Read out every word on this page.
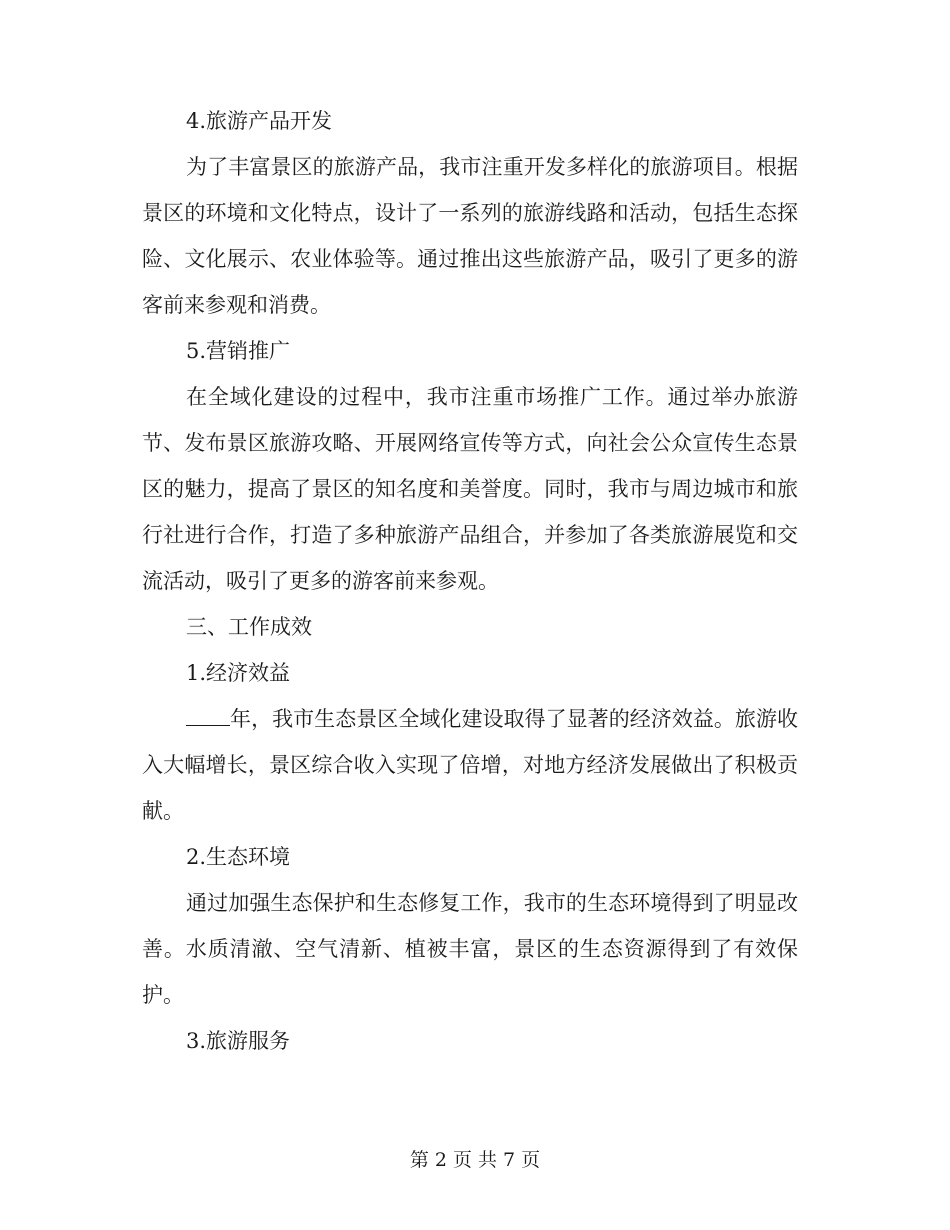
4.旅游产品开发

为了丰富景区的旅游产品，我市注重开发多样化的旅游项目。根据景区的环境和文化特点，设计了一系列的旅游线路和活动，包括生态探险、文化展示、农业体验等。通过推出这些旅游产品，吸引了更多的游客前来参观和消费。

5.营销推广

在全域化建设的过程中，我市注重市场推广工作。通过举办旅游节、发布景区旅游攻略、开展网络宣传等方式，向社会公众宣传生态景区的魅力，提高了景区的知名度和美誉度。同时，我市与周边城市和旅行社进行合作，打造了多种旅游产品组合，并参加了各类旅游展览和交流活动，吸引了更多的游客前来参观。

三、工作成效

1.经济效益

年，我市生态景区全域化建设取得了显著的经济效益。旅游收入大幅增长，景区综合收入实现了倍增，对地方经济发展做出了积极贡献。

2.生态环境

通过加强生态保护和生态修复工作，我市的生态环境得到了明显改善。水质清澈、空气清新、植被丰富，景区的生态资源得到了有效保护。

3.旅游服务

第 2 页 共 7 页
